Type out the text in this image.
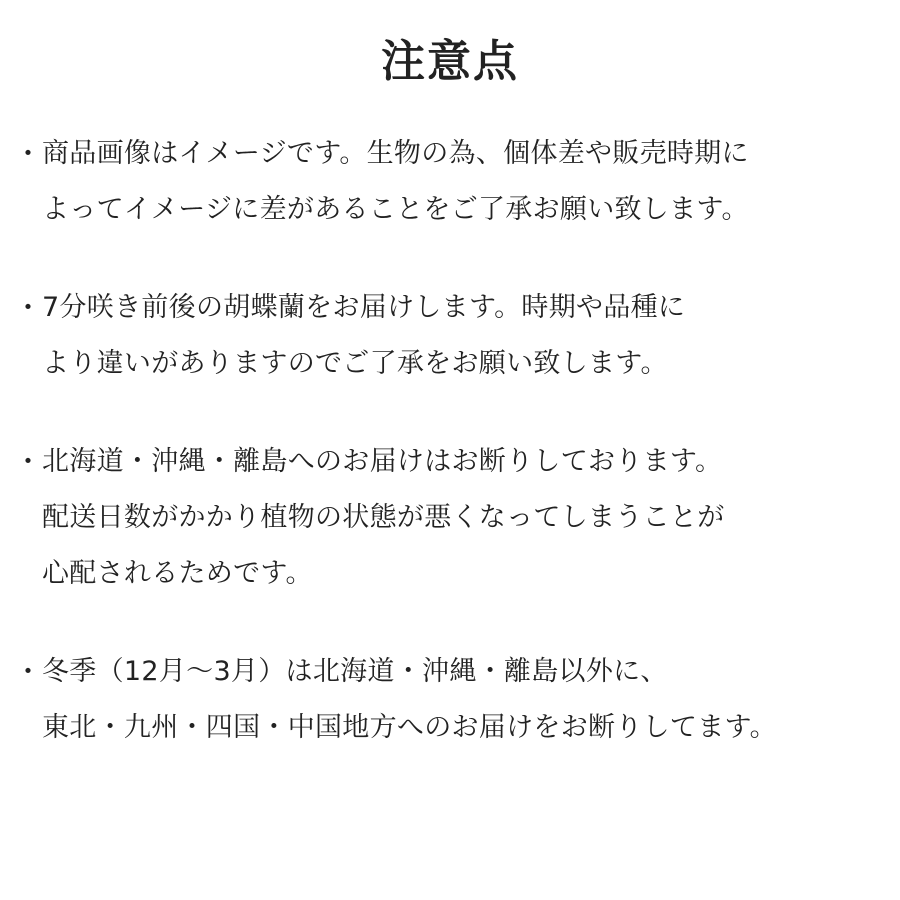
注意点
・ 商品画像はイメージです。生物の為、個体差や販売時期に
よってイメージに差があることをご了承お願い致します。
・ 7分咲き前後の胡蝶蘭をお届けします。時期や品種に
より違いがありますのでご了承をお願い致します。
・ 北海道・沖縄・離島へのお届けはお断りしております。
配送日数がかかり植物の状態が悪くなってしまうことが
心配されるためです。
・ 冬季（12月～3月）は北海道・沖縄・離島以外に、
東北・九州・四国・中国地方へのお届けをお断りしてます。
